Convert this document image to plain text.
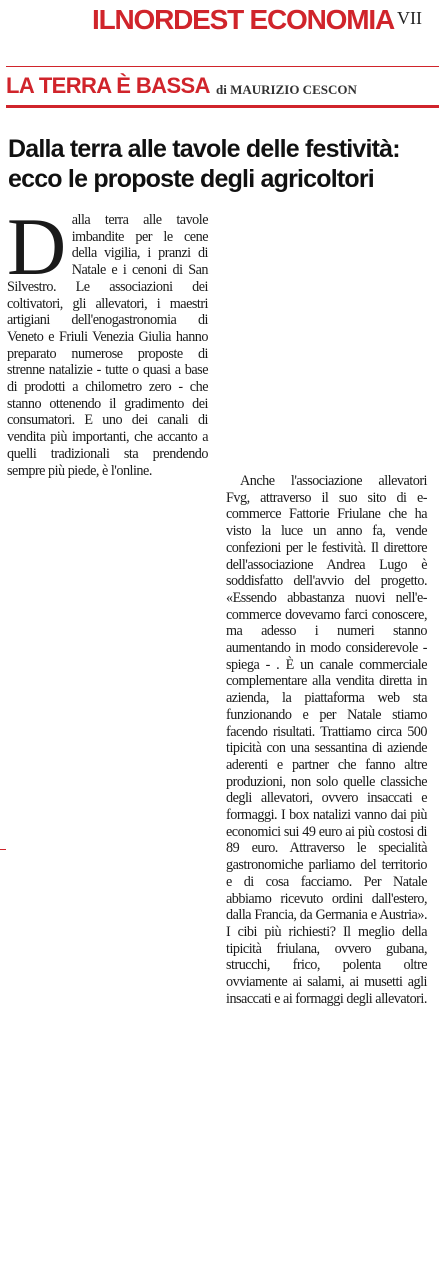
ILNORDEST ECONOMIA VII
LA TERRA È BASSA di MAURIZIO CESCON
Dalla terra alle tavole delle festività:
ecco le proposte degli agricoltori
Dalla terra alle tavole imbandite per le cene della vigilia, i pranzi di Natale e i cenoni di San Silvestro. Le associazioni dei coltivatori, gli allevatori, i maestri artigiani dell'enogastronomia di Veneto e Friuli Venezia Giulia hanno preparato numerose proposte di strenne natalizie - tutte o quasi a base di prodotti a chilometro zero - che stanno ottenendo il gradimento dei consumatori. E uno dei canali di vendita più importanti, che accanto a quelli tradizionali sta prendendo sempre più piede, è l'online.

Anche l'associazione allevatori Fvg, attraverso il suo sito di e-commerce Fattorie Friulane che ha visto la luce un anno fa, vende confezioni per le festività. Il direttore dell'associazione Andrea Lugo è soddisfatto dell'avvio del progetto. «Essendo abbastanza nuovi nell'e-commerce dovevamo farci conoscere, ma adesso i numeri stanno aumentando in modo considerevole - spiega - . È un canale commerciale complementare alla vendita diretta in azienda, la piattaforma web sta funzionando e per Natale stiamo facendo risultati. Trattiamo circa 500 tipicità con una sessantina di aziende aderenti e partner che fanno altre produzioni, non solo quelle classiche degli allevatori, ovvero insaccati e formaggi. I box natalizi vanno dai più economici sui 49 euro ai più costosi di 89 euro. Attraverso le specialità gastronomiche parliamo del territorio e di cosa facciamo. Per Natale abbiamo ricevuto ordini dall'estero, dalla Francia, da Germania e Austria». I cibi più richiesti? Il meglio della tipicità friulana, ovvero gubana, strucchi, frico, polenta oltre ovviamente ai salami, ai musetti agli insaccati e ai formaggi degli allevatori.
